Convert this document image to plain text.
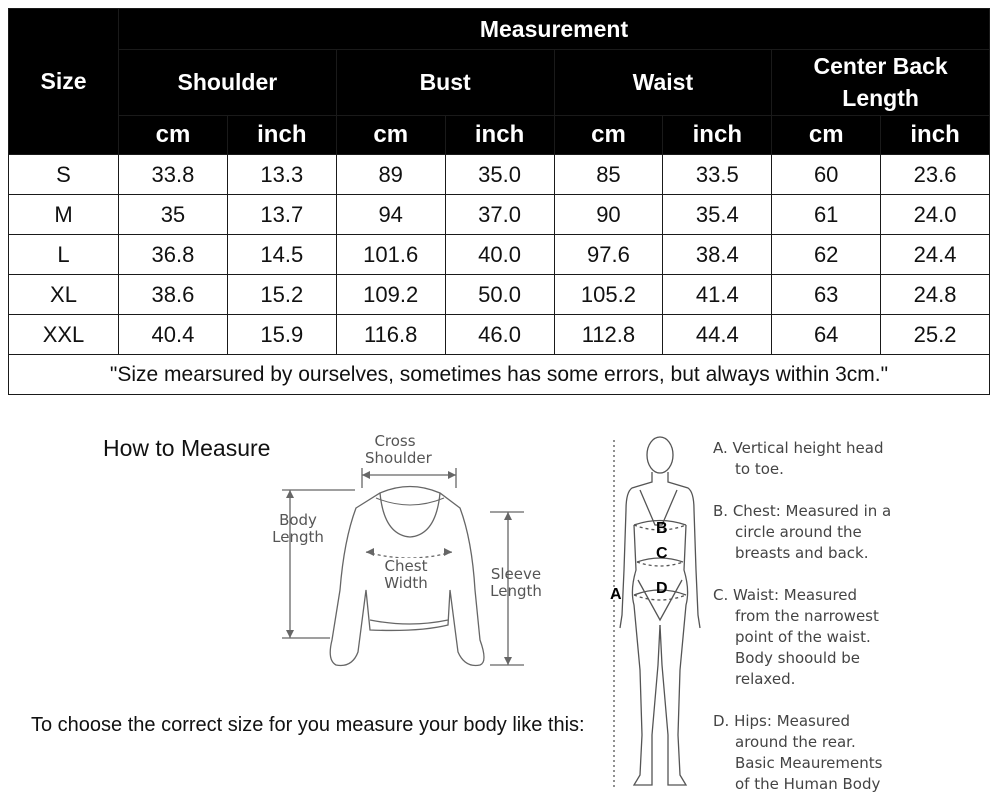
Size	Measurement							
	Shoulder		Bust		Waist		Center Back Length	
	cm	inch	cm	inch	cm	inch	cm	inch
S	33.8	13.3	89	35.0	85	33.5	60	23.6
M	35	13.7	94	37.0	90	35.4	61	24.0
L	36.8	14.5	101.6	40.0	97.6	38.4	62	24.4
XL	38.6	15.2	109.2	50.0	105.2	41.4	63	24.8
XXL	40.4	15.9	116.8	46.0	112.8	44.4	64	25.2
"Size mearsured by ourselves, sometimes has some errors, but always within 3cm."								
How to Measure	Cross
Shoulder
Body
Length
Chest
Width	Sleeve
Length
To choose the correct size for you measure your body like this:
A
B
C
D
A. Vertical height head
to toe.
B. Chest: Measured in a
circle around the
breasts and back.
C. Waist: Measured
from the narrowest
point of the waist.
Body shoould be
relaxed.
D. Hips: Measured
around the rear.
Basic Meaurements
of the Human Body
